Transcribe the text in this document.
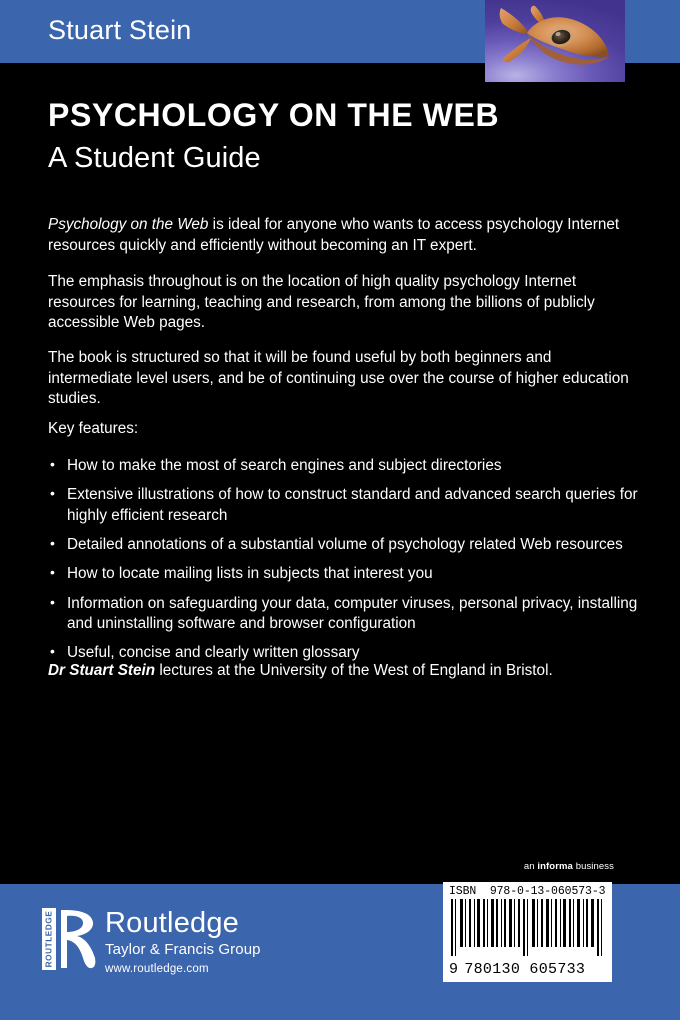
Stuart Stein
PSYCHOLOGY ON THE WEB
A Student Guide
Psychology on the Web is ideal for anyone who wants to access psychology Internet resources quickly and efficiently without becoming an IT expert.
The emphasis throughout is on the location of high quality psychology Internet resources for learning, teaching and research, from among the billions of publicly accessible Web pages.
The book is structured so that it will be found useful by both beginners and intermediate level users, and be of continuing use over the course of higher education studies.
Key features:
• How to make the most of search engines and subject directories
• Extensive illustrations of how to construct standard and advanced search queries for highly efficient research
• Detailed annotations of a substantial volume of psychology related Web resources
• How to locate mailing lists in subjects that interest you
• Information on safeguarding your data, computer viruses, personal privacy, installing and uninstalling software and browser configuration
• Useful, concise and clearly written glossary
Dr Stuart Stein lectures at the University of the West of England in Bristol.
an informa business
ROUTLEDGE Routledge
Taylor & Francis Group
www.routledge.com
ISBN 978-0-13-060573-3
9 780130 605733
